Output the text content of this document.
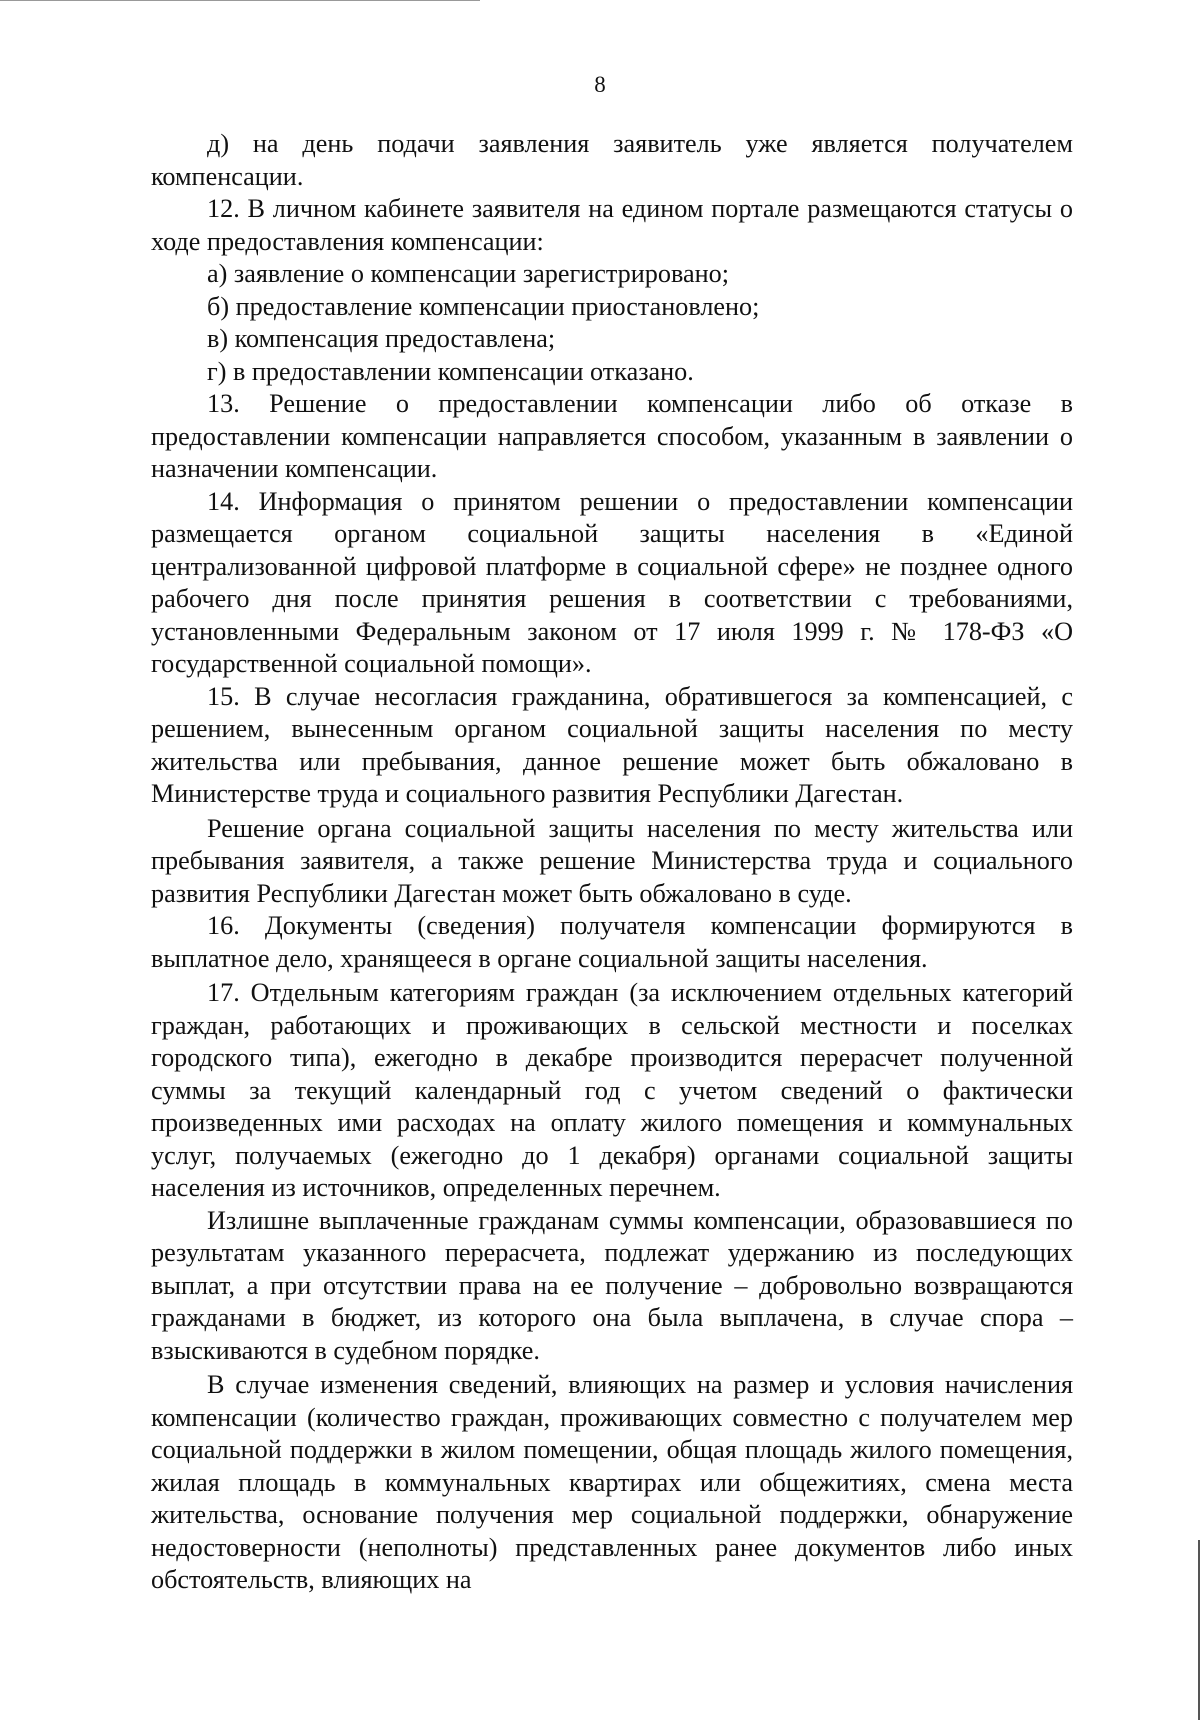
8

д) на день подачи заявления заявитель уже является получателем компенсации.

12. В личном кабинете заявителя на едином портале размещаются статусы о ходе предоставления компенсации:

а) заявление о компенсации зарегистрировано;

б) предоставление компенсации приостановлено;

в) компенсация предоставлена;

г) в предоставлении компенсации отказано.

13. Решение о предоставлении компенсации либо об отказе в предоставлении компенсации направляется способом, указанным в заявлении о назначении компенсации.

14. Информация о принятом решении о предоставлении компенсации размещается органом социальной защиты населения в «Единой централизованной цифровой платформе в социальной сфере» не позднее одного рабочего дня после принятия решения в соответствии с требованиями, установленными Федеральным законом от 17 июля 1999 г. № 178-ФЗ «О государственной социальной помощи».

15. В случае несогласия гражданина, обратившегося за компенсацией, с решением, вынесенным органом социальной защиты населения по месту жительства или пребывания, данное решение может быть обжаловано в Министерстве труда и социального развития Республики Дагестан.

Решение органа социальной защиты населения по месту жительства или пребывания заявителя, а также решение Министерства труда и социального развития Республики Дагестан может быть обжаловано в суде.

16. Документы (сведения) получателя компенсации формируются в выплатное дело, хранящееся в органе социальной защиты населения.

17. Отдельным категориям граждан (за исключением отдельных категорий граждан, работающих и проживающих в сельской местности и поселках городского типа), ежегодно в декабре производится перерасчет полученной суммы за текущий календарный год с учетом сведений о фактически произведенных ими расходах на оплату жилого помещения и коммунальных услуг, получаемых (ежегодно до 1 декабря) органами социальной защиты населения из источников, определенных перечнем.

Излишне выплаченные гражданам суммы компенсации, образовавшиеся по результатам указанного перерасчета, подлежат удержанию из последующих выплат, а при отсутствии права на ее получение – добровольно возвращаются гражданами в бюджет, из которого она была выплачена, в случае спора – взыскиваются в судебном порядке.

В случае изменения сведений, влияющих на размер и условия начисления компенсации (количество граждан, проживающих совместно с получателем мер социальной поддержки в жилом помещении, общая площадь жилого помещения, жилая площадь в коммунальных квартирах или общежитиях, смена места жительства, основание получения мер социальной поддержки, обнаружение недостоверности (неполноты) представленных ранее документов либо иных обстоятельств, влияющих на
